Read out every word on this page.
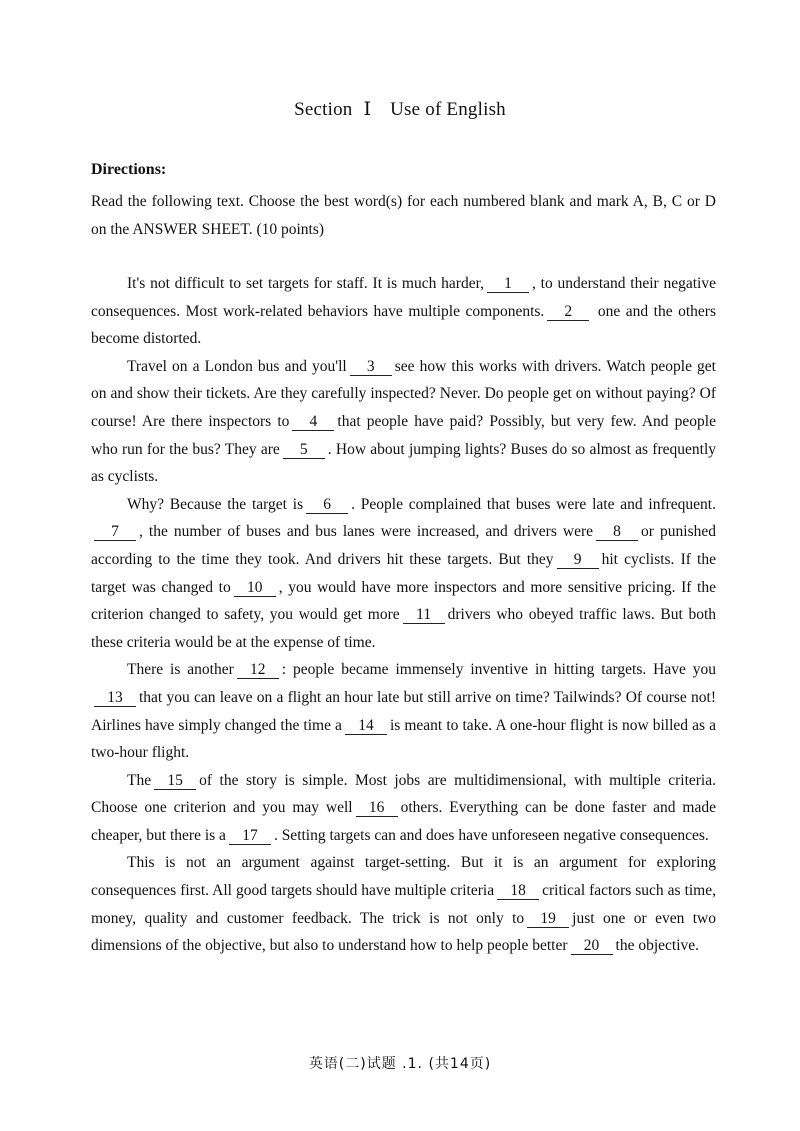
Section Ⅰ Use of English
Directions:
Read the following text. Choose the best word(s) for each numbered blank and mark A, B, C or D on the ANSWER SHEET. (10 points)

It's not difficult to set targets for staff. It is much harder, 1 , to understand their negative consequences. Most work-related behaviors have multiple components. 2 one and the others become distorted.

Travel on a London bus and you'll 3 see how this works with drivers. Watch people get on and show their tickets. Are they carefully inspected? Never. Do people get on without paying? Of course! Are there inspectors to 4 that people have paid? Possibly, but very few. And people who run for the bus? They are 5 . How about jumping lights? Buses do so almost as frequently as cyclists.

Why? Because the target is 6 . People complained that buses were late and infrequent.7 , the number of buses and bus lanes were increased, and drivers were 8 or punished according to the time they took. And drivers hit these targets. But they 9 hit cyclists. If the target was changed to 10 , you would have more inspectors and more sensitive pricing. If the criterion changed to safety, you would get more 11 drivers who obeyed traffic laws. But both these criteria would be at the expense of time.

There is another 12 : people became immensely inventive in hitting targets. Have you13 that you can leave on a flight an hour late but still arrive on time? Tailwinds? Of course not! Airlines have simply changed the time a 14 is meant to take. A one-hour flight is now billed as a two-hour flight.

The 15 of the story is simple. Most jobs are multidimensional, with multiple criteria. Choose one criterion and you may well 16 others. Everything can be done faster and made cheaper, but there is a 17 . Setting targets can and does have unforeseen negative consequences.

This is not an argument against target-setting. But it is an argument for exploring consequences first. All good targets should have multiple criteria 18 critical factors such as time, money, quality and customer feedback. The trick is not only to 19 just one or even two dimensions of the objective, but also to understand how to help people better 20 the objective.

英语(二)试题 .1. (共14页)
